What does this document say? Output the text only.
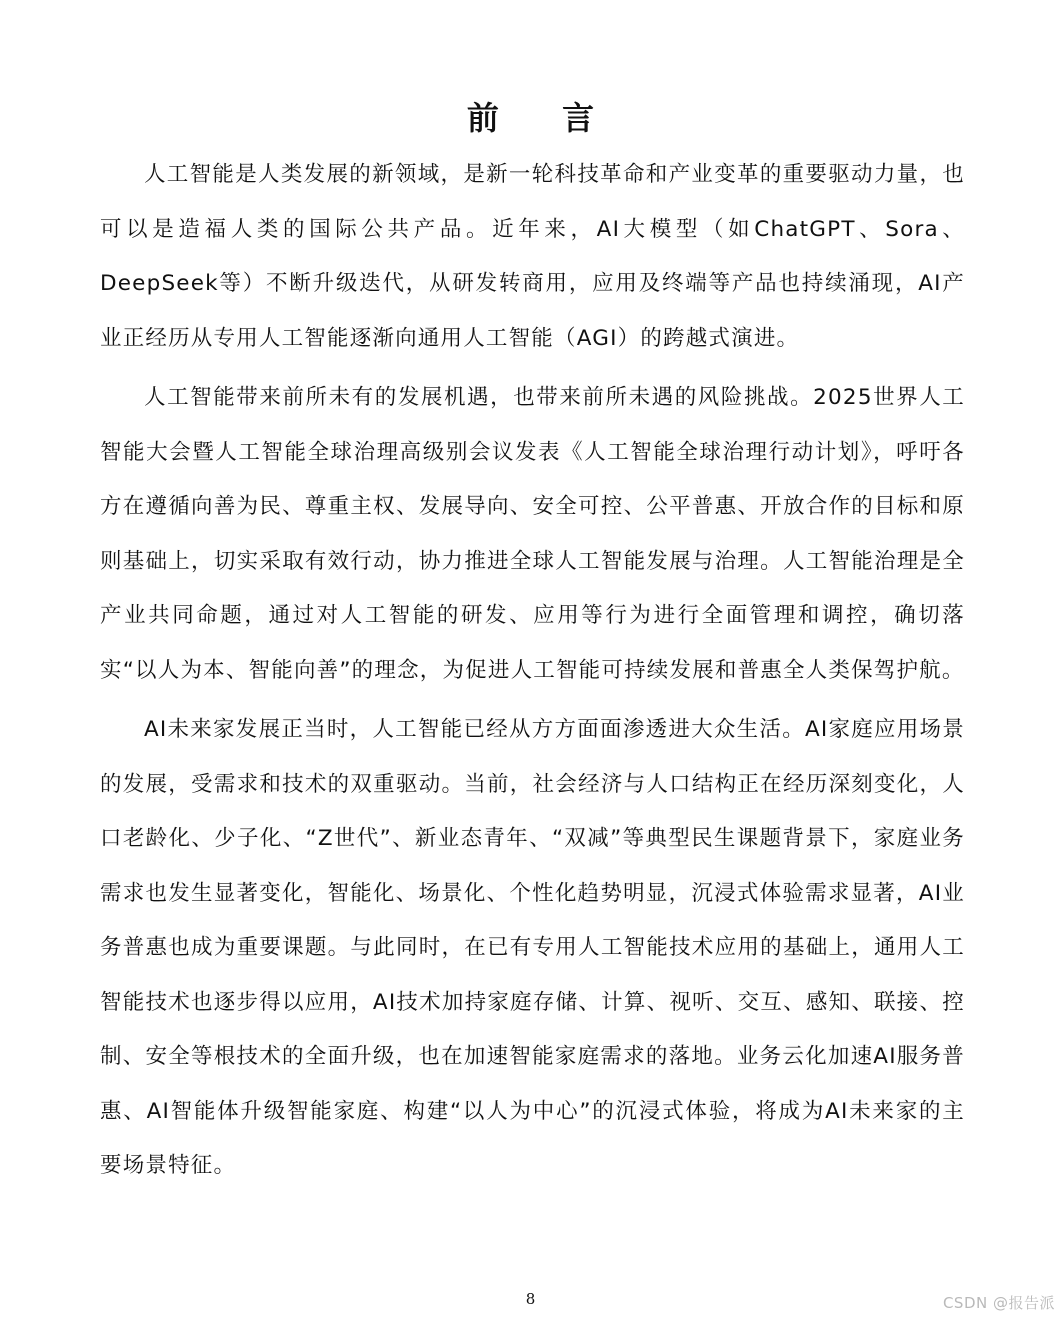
前 言

人工智能是人类发展的新领域，是新一轮科技革命和产业变革的重要驱动力量，也可以是造福人类的国际公共产品。近年来，AI大模型（如ChatGPT、Sora、DeepSeek等）不断升级迭代，从研发转商用，应用及终端等产品也持续涌现，AI产业正经历从专用人工智能逐渐向通用人工智能（AGI）的跨越式演进。

人工智能带来前所未有的发展机遇，也带来前所未遇的风险挑战。2025世界人工智能大会暨人工智能全球治理高级别会议发表《人工智能全球治理行动计划》，呼吁各方在遵循向善为民、尊重主权、发展导向、安全可控、公平普惠、开放合作的目标和原则基础上，切实采取有效行动，协力推进全球人工智能发展与治理。人工智能治理是全产业共同命题，通过对人工智能的研发、应用等行为进行全面管理和调控，确切落实“以人为本、智能向善”的理念，为促进人工智能可持续发展和普惠全人类保驾护航。

AI未来家发展正当时，人工智能已经从方方面面渗透进大众生活。AI家庭应用场景的发展，受需求和技术的双重驱动。当前，社会经济与人口结构正在经历深刻变化，人口老龄化、少子化、“Z世代”、新业态青年、“双减”等典型民生课题背景下，家庭业务需求也发生显著变化，智能化、场景化、个性化趋势明显，沉浸式体验需求显著，AI业务普惠也成为重要课题。与此同时，在已有专用人工智能技术应用的基础上，通用人工智能技术也逐步得以应用，AI技术加持家庭存储、计算、视听、交互、感知、联接、控制、安全等根技术的全面升级，也在加速智能家庭需求的落地。业务云化加速AI服务普惠、AI智能体升级智能家庭、构建“以人为中心”的沉浸式体验，将成为AI未来家的主要场景特征。

8	CSDN @报告派
